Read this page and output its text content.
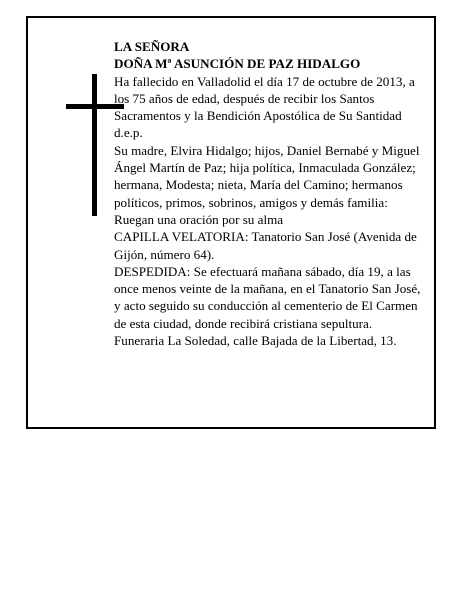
LA SEÑORA

DOÑA Mª ASUNCIÓN DE PAZ HIDALGO

Ha fallecido en Valladolid el día 17 de octubre de 2013, a los 75 años de edad, después de recibir los Santos Sacramentos y la Bendición Apostólica de Su Santidad d.e.p.

Su madre, Elvira Hidalgo; hijos, Daniel Bernabé y Miguel Ángel Martín de Paz; hija política, Inmaculada González; hermana, Modesta; nieta, María del Camino; hermanos políticos, primos, sobrinos, amigos y demás familia:

Ruegan una oración por su alma

CAPILLA VELATORIA: Tanatorio San José (Avenida de Gijón, número 64).

DESPEDIDA: Se efectuará mañana sábado, día 19, a las once menos veinte de la mañana, en el Tanatorio San José, y acto seguido su conducción al cementerio de El Carmen de esta ciudad, donde recibirá cristiana sepultura.

Funeraria La Soledad, calle Bajada de la Libertad, 13.
